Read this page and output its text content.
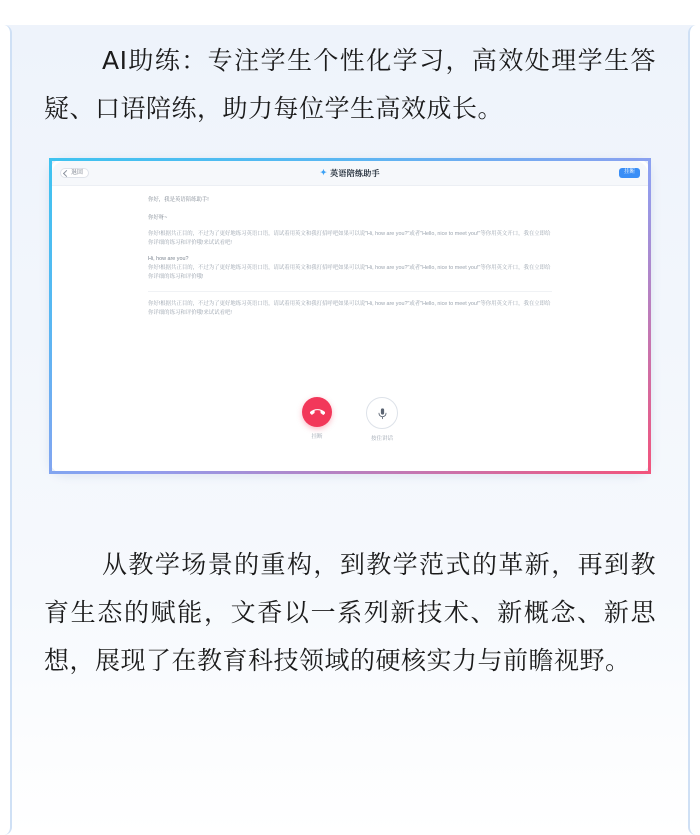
AI助练：专注学生个性化学习，高效处理学生答疑、口语陪练，助力每位学生高效成长。

退回	✦ 英语陪练助手	挂断
你好，我是英语陪练助手!

你好呀~
你好!根据共正目的，不过为了更好地练习英语口语，请试着用英文和我打招呼吧如果可以说"Hi, how are you?"或者"Hello, nice to meet you!"等你用英文开口，我在立即给你详细的练习和评价哦!来试试看吧!
Hi, how are you?
你好!根据共正目的，不过为了更好地练习英语口语，请试着用英文和我打招呼吧如果可以说"Hi, how are you?"或者"Hello, nice to meet you!"等你用英文开口，我在立即给你详细的练习和评价哦!
你好!根据共正目的，不过为了更好地练习英语口语，请试着用英文和我打招呼吧如果可以说"Hi, how are you?"或者"Hello, nice to meet you!"等你用英文开口，我在立即给你详细的练习和评价哦!来试试看吧!
挂断	按住讲话

从教学场景的重构，到教学范式的革新，再到教育生态的赋能，文香以一系列新技术、新概念、新思想，展现了在教育科技领域的硬核实力与前瞻视野。
